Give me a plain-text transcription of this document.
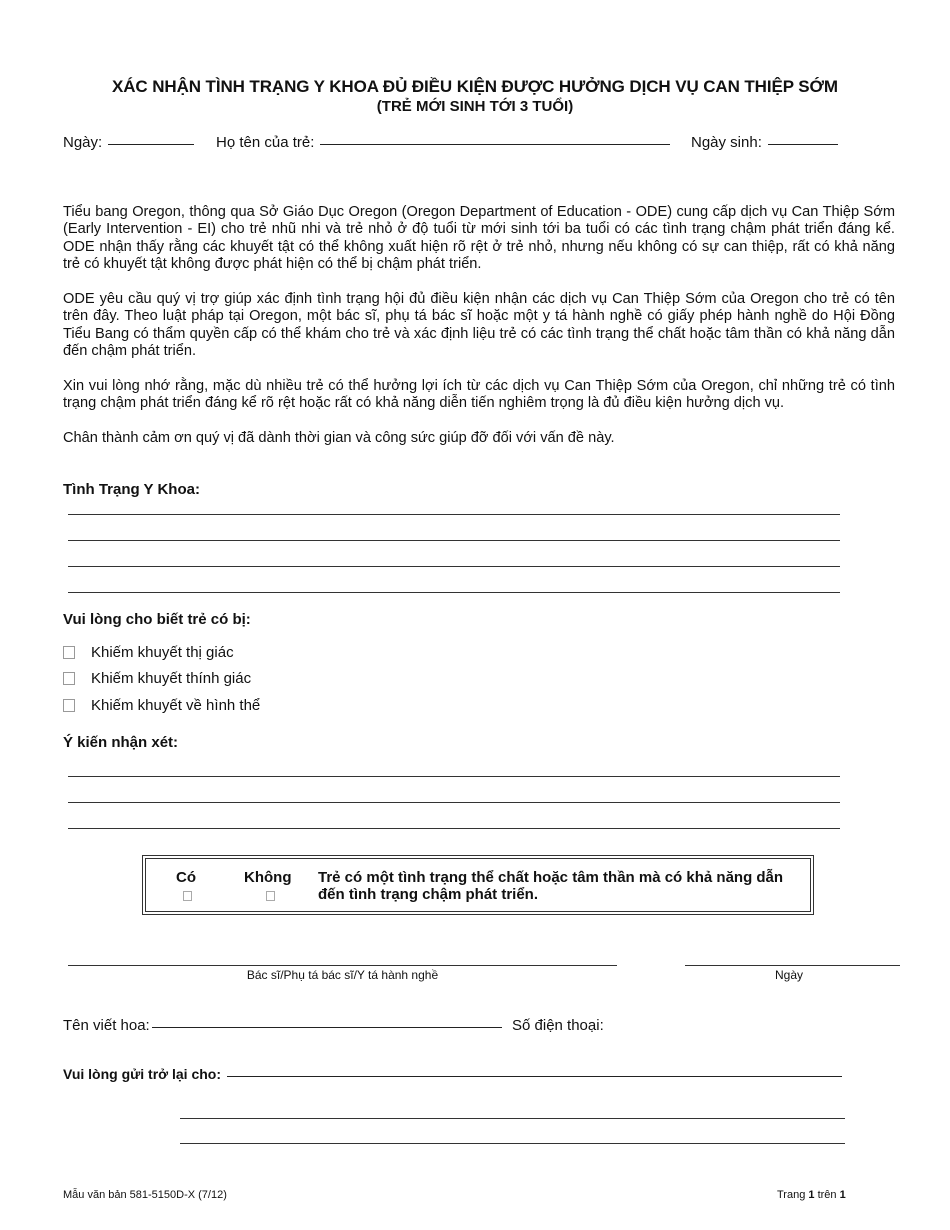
XÁC NHẬN TÌNH TRẠNG Y KHOA ĐỦ ĐIỀU KIỆN ĐƯỢC HƯỞNG DỊCH VỤ CAN THIỆP SỚM
(TRẺ MỚI SINH TỚI 3 TUỔI)
Ngày:	Họ tên của trẻ:	Ngày sinh:

Tiểu bang Oregon, thông qua Sở Giáo Dục Oregon (Oregon Department of Education - ODE) cung cấp dịch vụ Can Thiệp Sớm (Early Intervention - EI) cho trẻ nhũ nhi và trẻ nhỏ ở độ tuổi từ mới sinh tới ba tuổi có các tình trạng chậm phát triển đáng kể. ODE nhận thấy rằng các khuyết tật có thể không xuất hiện rõ rệt ở trẻ nhỏ, nhưng nếu không có sự can thiệp, rất có khả năng trẻ có khuyết tật không được phát hiện có thể bị chậm phát triển.

ODE yêu cầu quý vị trợ giúp xác định tình trạng hội đủ điều kiện nhận các dịch vụ Can Thiệp Sớm của Oregon cho trẻ có tên trên đây. Theo luật pháp tại Oregon, một bác sĩ, phụ tá bác sĩ hoặc một y tá hành nghề có giấy phép hành nghề do Hội Đồng Tiểu Bang có thẩm quyền cấp có thể khám cho trẻ và xác định liệu trẻ có các tình trạng thể chất hoặc tâm thần có khả năng dẫn đến chậm phát triển.

Xin vui lòng nhớ rằng, mặc dù nhiều trẻ có thể hưởng lợi ích từ các dịch vụ Can Thiệp Sớm của Oregon, chỉ những trẻ có tình trạng chậm phát triển đáng kể rõ rệt hoặc rất có khả năng diễn tiến nghiêm trọng là đủ điều kiện hưởng dịch vụ.

Chân thành cảm ơn quý vị đã dành thời gian và công sức giúp đỡ đối với vấn đề này.

Tình Trạng Y Khoa:
Vui lòng cho biết trẻ có bị:
Khiếm khuyết thị giác
Khiếm khuyết thính giác
Khiếm khuyết về hình thể
Ý kiến nhận xét:
Có	Không Trẻ có một tình trạng thể chất hoặc tâm thần mà có khả năng dẫn đến tình trạng chậm phát triển.
Bác sĩ/Phụ tá bác sĩ/Y tá hành nghề	Ngày
Tên viết hoa:	Số điện thoại:
Vui lòng gửi trở lại cho:
Mẫu văn bản 581-5150D-X (7/12)	Trang 1 trên 1
